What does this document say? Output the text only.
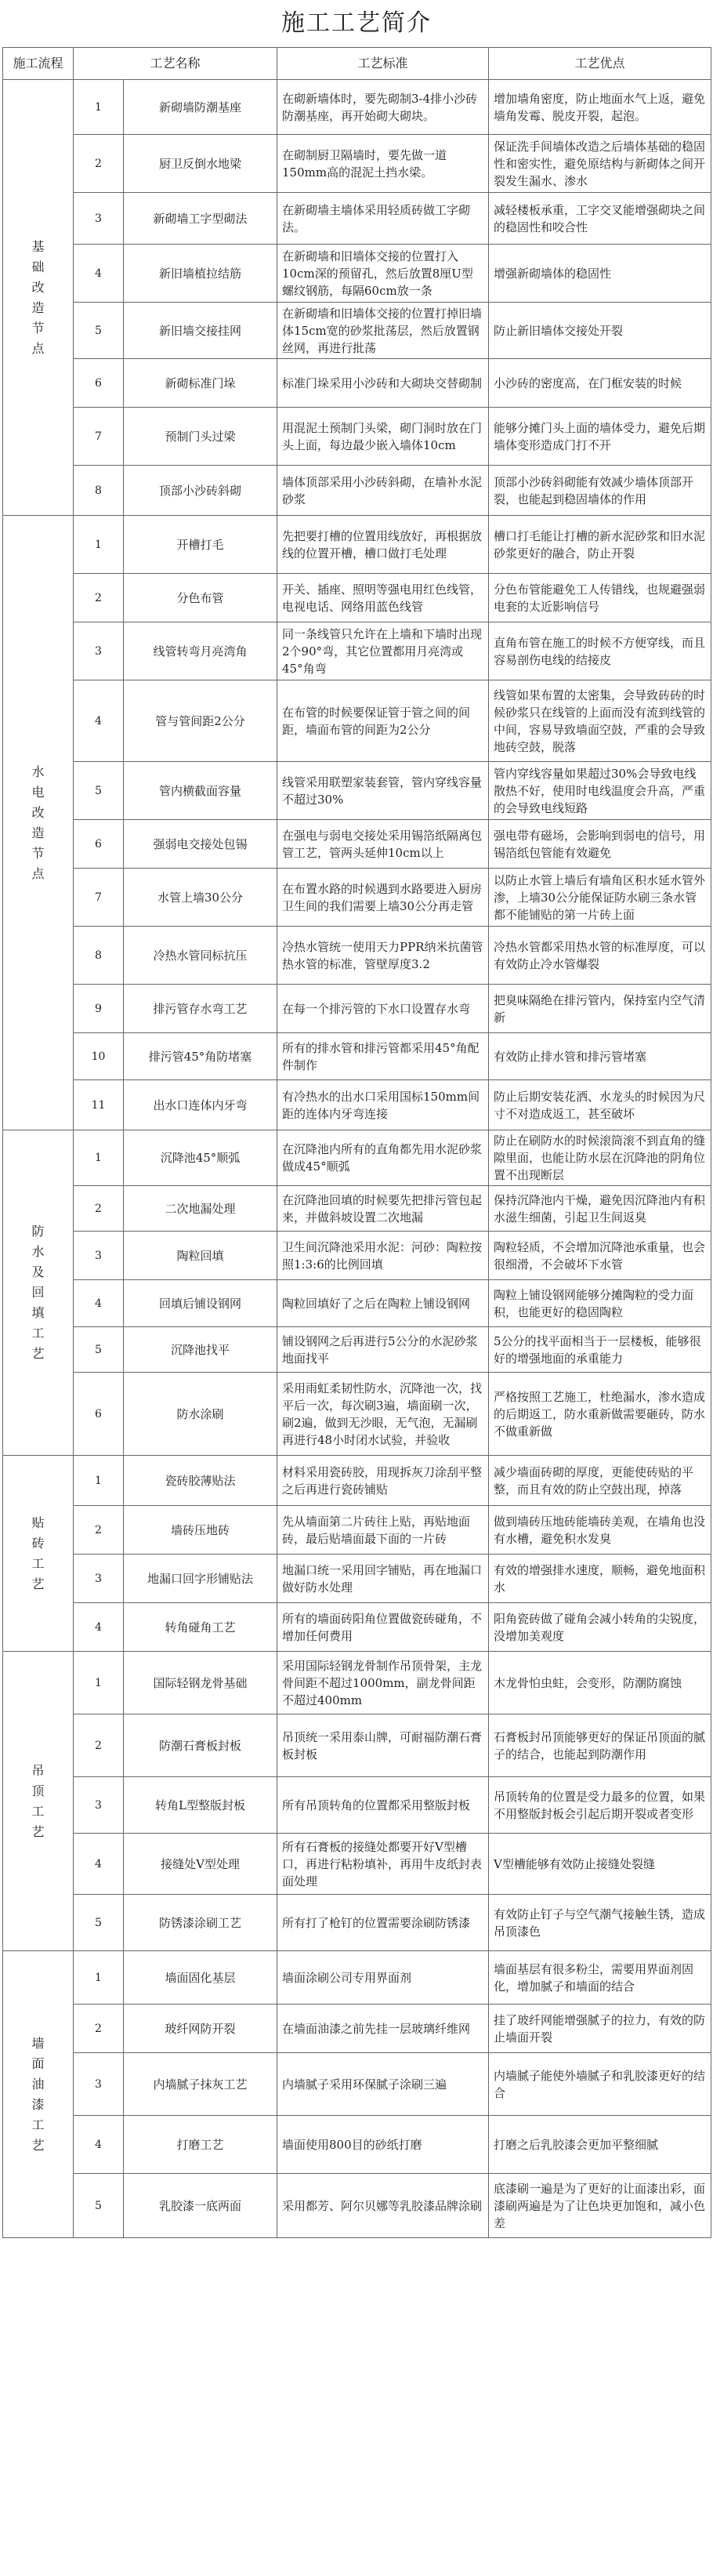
施工工艺简介
施工流程	工艺名称		工艺标准	工艺优点
基础改造节点	1	新砌墙防潮基座	在砌新墙体时，要先砌制3-4排小沙砖防潮基座，再开始砌大砌块。	增加墙角密度，防止地面水气上返，避免墙角发霉、脱皮开裂，起泡。
	2	厨卫反倒水地梁	在砌制厨卫隔墙时，要先做一道150mm高的混泥土挡水梁。	保证洗手间墙体改造之后墙体基础的稳固性和密实性，避免原结构与新砌体之间开裂发生漏水、渗水
	3	新砌墙工字型砌法	在新砌墙主墙体采用轻质砖做工字砌法。	减轻楼板承重，工字交叉能增强砌块之间的稳固性和咬合性
	4	新旧墙植拉结筋	在新砌墙和旧墙体交接的位置打入10cm深的预留孔，然后放置8厘U型螺纹钢筋，每隔60cm放一条	增强新砌墙体的稳固性
	5	新旧墙交接挂网	在新砌墙和旧墙体交接的位置打掉旧墙体15cm宽的砂浆批荡层，然后放置钢丝网，再进行批荡	防止新旧墙体交接处开裂
	6	新砌标准门垛	标准门垛采用小沙砖和大砌块交替砌制	小沙砖的密度高，在门框安装的时候
	7	预制门头过梁	用混泥土预制门头梁，砌门洞时放在门头上面，每边最少嵌入墙体10cm	能够分摊门头上面的墙体受力，避免后期墙体变形造成门打不开
	8	顶部小沙砖斜砌	墙体顶部采用小沙砖斜砌，在墙补水泥砂浆	顶部小沙砖斜砌能有效减少墙体顶部开裂，也能起到稳固墙体的作用
水电改造节点	1	开槽打毛	先把要打槽的位置用线放好，再根据放线的位置开槽，槽口做打毛处理	槽口打毛能让打槽的新水泥砂浆和旧水泥砂浆更好的融合，防止开裂
	2	分色布管	开关、插座、照明等强电用红色线管，电视电话、网络用蓝色线管	分色布管能避免工人传错线，也规避强弱电套的太近影响信号
	3	线管转弯月亮湾角	同一条线管只允许在上墙和下墙时出现2个90°弯，其它位置都用月亮湾或45°角弯	直角布管在施工的时候不方便穿线，而且容易剖伤电线的结接皮
	4	管与管间距2公分	在布管的时候要保证管于管之间的间距，墙面布管的间距为2公分	线管如果布置的太密集，会导致砖砖的时候砂浆只在线管的上面而没有流到线管的中间，容易导致墙面空鼓，严重的会导致地砖空鼓，脱落
	5	管内横截面容量	线管采用联塑家装套管，管内穿线容量不超过30%	管内穿线容量如果超过30%会导致电线散热不好，使用时电线温度会升高，严重的会导致电线短路
	6	强弱电交接处包锡	在强电与弱电交接处采用锡箔纸隔离包管工艺，管两头延伸10cm以上	强电带有磁场，会影响到弱电的信号，用锡箔纸包管能有效避免
	7	水管上墙30公分	在布置水路的时候遇到水路要进入厨房卫生间的我们需要上墙30公分再走管	以防止水管上墙后有墙角区积水延水管外渗，上墙30公分能保证防水刷三条水管都不能铺贴的第一片砖上面
	8	冷热水管同标抗压	冷热水管统一使用天力PPR纳米抗菌管热水管的标准，管壁厚度3.2	冷热水管都采用热水管的标准厚度，可以有效防止冷水管爆裂
	9	排污管存水弯工艺	在每一个排污管的下水口设置存水弯	把臭味隔绝在排污管内，保持室内空气清新
	10	排污管45°角防堵塞	所有的排水管和排污管都采用45°角配件制作	有效防止排水管和排污管堵塞
	11	出水口连体内牙弯	有冷热水的出水口采用国标150mm间距的连体内牙弯连接	防止后期安装花洒、水龙头的时候因为尺寸不对造成返工，甚至破坏
防水及回填工艺	1	沉降池45°顺弧	在沉降池内所有的直角都先用水泥砂浆做成45°顺弧	防止在刷防水的时候滚筒滚不到直角的缝隙里面，也能让防水层在沉降池的阴角位置不出现断层
	2	二次地漏处理	在沉降池回填的时候要先把排污管包起来，并做斜坡设置二次地漏	保持沉降池内干燥，避免因沉降池内有积水滋生细菌，引起卫生间返臭
	3	陶粒回填	卫生间沉降池采用水泥：河砂：陶粒按照1:3:6的比例回填	陶粒轻质，不会增加沉降池承重量，也会很细滑，不会破坏下水管
	4	回填后铺设钢网	陶粒回填好了之后在陶粒上铺设钢网	陶粒上铺设钢网能够分摊陶粒的受力面积，也能更好的稳固陶粒
	5	沉降池找平	铺设钢网之后再进行5公分的水泥砂浆地面找平	5公分的找平面相当于一层楼板，能够很好的增强地面的承重能力
	6	防水涂刷	采用雨虹柔韧性防水，沉降池一次，找平后一次，每次刷3遍，墙面刷一次，刷2遍，做到无沙眼，无气泡，无漏刷再进行48小时闭水试验，并验收	严格按照工艺施工，杜绝漏水，渗水造成的后期返工，防水重新做需要砸砖，防水不做重新做
贴砖工艺	1	瓷砖胶薄贴法	材料采用瓷砖胶，用现拆灰刀涂刮平整之后再进行瓷砖铺贴	减少墙面砖砌的厚度，更能使砖贴的平整，而且有效的防止空鼓出现，掉落
	2	墙砖压地砖	先从墙面第二片砖往上贴，再贴地面砖，最后贴墙面最下面的一片砖	做到墙砖压地砖能墙砖美观，在墙角也没有水槽，避免积水发臭
	3	地漏口回字形铺贴法	地漏口统一采用回字铺贴，再在地漏口做好防水处理	有效的增强排水速度，顺畅，避免地面积水
	4	转角碰角工艺	所有的墙面砖阳角位置做瓷砖碰角，不增加任何费用	阳角瓷砖做了碰角会减小转角的尖锐度，没增加美观度
吊顶工艺	1	国际轻钢龙骨基础	采用国际轻钢龙骨制作吊顶骨架，主龙骨间距不超过1000mm，副龙骨间距不超过400mm	木龙骨怕虫蛀，会变形，防潮防腐蚀
	2	防潮石膏板封板	吊顶统一采用泰山牌，可耐福防潮石膏板封板	石膏板封吊顶能够更好的保证吊顶面的腻子的结合，也能起到防潮作用
	3	转角L型整版封板	所有吊顶转角的位置都采用整版封板	吊顶转角的位置是受力最多的位置，如果不用整版封板会引起后期开裂或者变形
	4	接缝处V型处理	所有石膏板的接缝处都要开好V型槽口，再进行粘粉填补，再用牛皮纸封表面处理	V型槽能够有效防止接缝处裂缝
	5	防锈漆涂刷工艺	所有打了枪钉的位置需要涂刷防锈漆	有效防止钉子与空气潮气接触生锈，造成吊顶漆色
墙面油漆工艺	1	墙面固化基层	墙面涂刷公司专用界面剂	墙面基层有很多粉尘，需要用界面剂固化，增加腻子和墙面的结合
	2	玻纤网防开裂	在墙面油漆之前先挂一层玻璃纤维网	挂了玻纤网能增强腻子的拉力，有效的防止墙面开裂
	3	内墙腻子抹灰工艺	内墙腻子采用环保腻子涂刷三遍	内墙腻子能使外墙腻子和乳胶漆更好的结合
	4	打磨工艺	墙面使用800目的砂纸打磨	打磨之后乳胶漆会更加平整细腻
	5	乳胶漆一底两面	采用都芳、阿尔贝娜等乳胶漆品牌涂刷	底漆刷一遍是为了更好的让面漆出彩，面漆刷两遍是为了让色块更加饱和，减小色差
